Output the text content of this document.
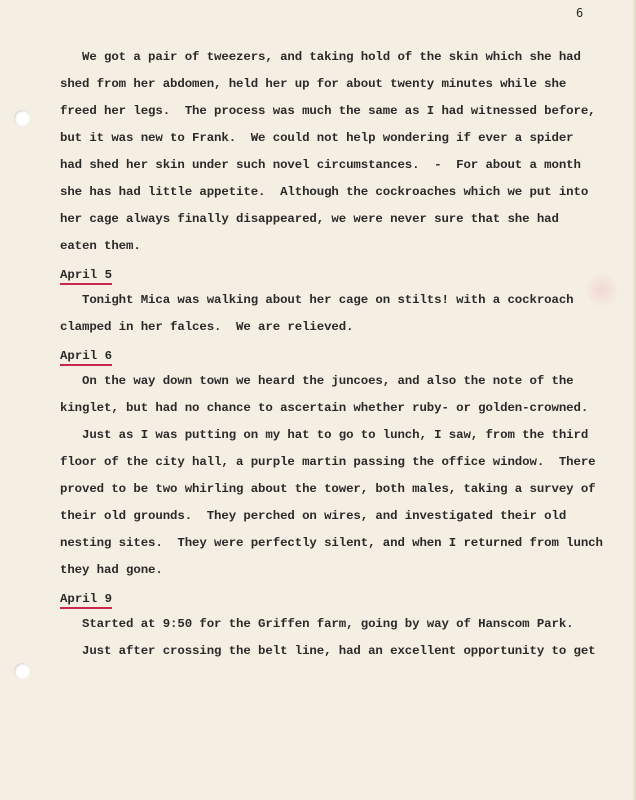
6
We got a pair of tweezers, and taking hold of the skin which she had
shed from her abdomen, held her up for about twenty minutes while she
freed her legs.  The process was much the same as I had witnessed before,
but it was new to Frank.  We could not help wondering if ever a spider
had shed her skin under such novel circumstances.  -  For about a month
she has had little appetite.  Although the cockroaches which we put into
her cage always finally disappeared, we were never sure that she had
eaten them.
April 5
Tonight Mica was walking about her cage on stilts! with a cockroach
clamped in her falces.  We are relieved.
April 6
On the way down town we heard the juncoes, and also the note of the
kinglet, but had no chance to ascertain whether ruby- or golden-crowned.
Just as I was putting on my hat to go to lunch, I saw, from the third
floor of the city hall, a purple martin passing the office window.  There
proved to be two whirling about the tower, both males, taking a survey of
their old grounds.  They perched on wires, and investigated their old
nesting sites.  They were perfectly silent, and when I returned from lunch
they had gone.
April 9
Started at 9:50 for the Griffen farm, going by way of Hanscom Park.
Just after crossing the belt line, had an excellent opportunity to get
